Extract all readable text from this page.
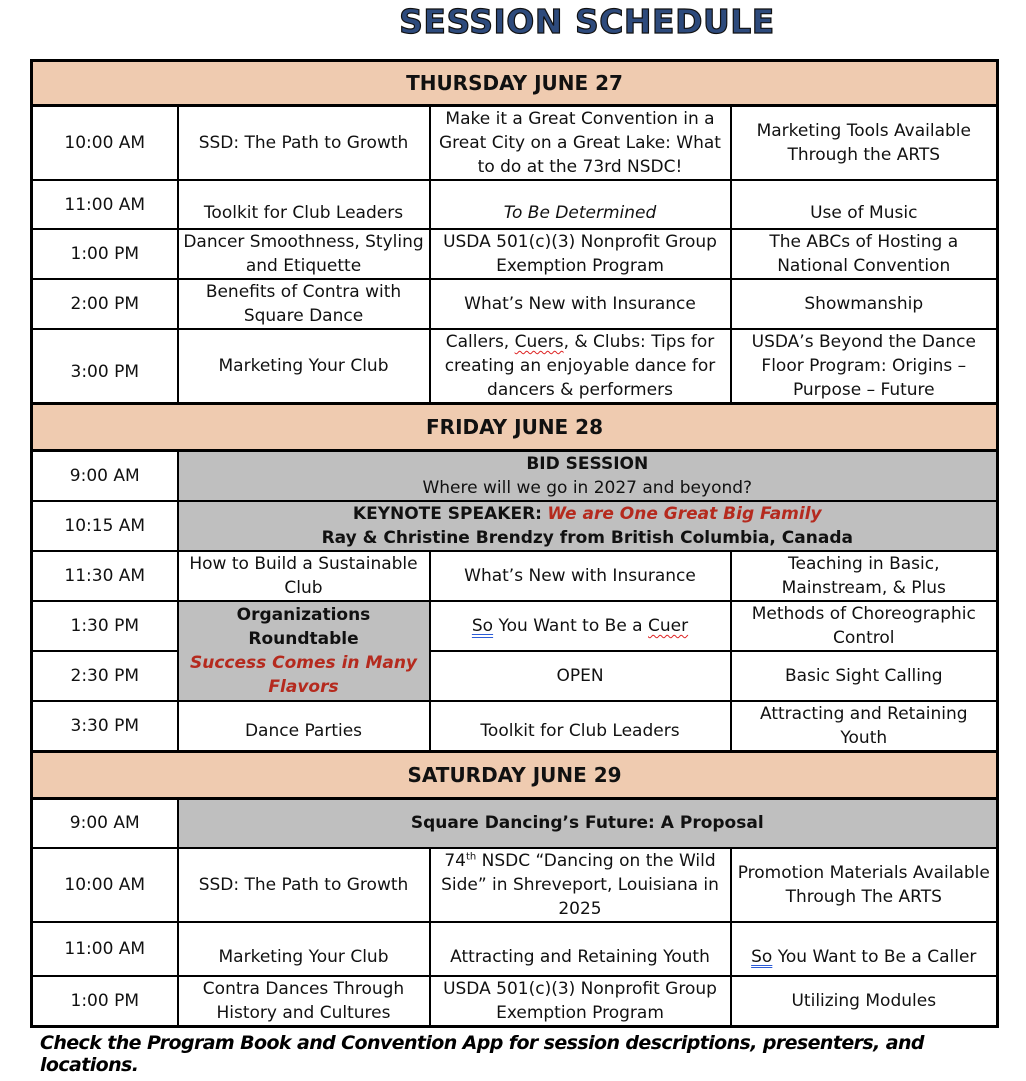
SESSION SCHEDULE
THURSDAY JUNE 27			
10:00 AM	SSD: The Path to Growth	Make it a Great Convention in a Great City on a Great Lake: What to do at the 73rd NSDC!	Marketing Tools Available Through the ARTS
11:00 AM	Toolkit for Club Leaders	To Be Determined	Use of Music
1:00 PM	Dancer Smoothness, Styling and Etiquette	USDA 501(c)(3) Nonprofit Group Exemption Program	The ABCs of Hosting a National Convention
2:00 PM	Benefits of Contra with Square Dance	What’s New with Insurance	Showmanship
3:00 PM	Marketing Your Club	Callers, Cuers, & Clubs: Tips for creating an enjoyable dance for dancers & performers	USDA’s Beyond the Dance Floor Program: Origins – Purpose – Future
FRIDAY JUNE 28			
9:00 AM	BID SESSION
Where will we go in 2027 and beyond?		

10:15 AM	KEYNOTE SPEAKER: We are One Great Big Family
Ray & Christine Brendzy from British Columbia, Canada		

11:30 AM	How to Build a Sustainable Club	What’s New with Insurance	Teaching in Basic, Mainstream, & Plus
1:30 PM	Organizations Roundtable
Success Comes in Many Flavors	So You Want to Be a Cuer	Methods of Choreographic Control
2:30 PM		OPEN	Basic Sight Calling
3:30 PM	Dance Parties	Toolkit for Club Leaders	Attracting and Retaining Youth
SATURDAY JUNE 29			
9:00 AM	Square Dancing’s Future: A Proposal		
10:00 AM	SSD: The Path to Growth	74th NSDC “Dancing on the Wild Side” in Shreveport, Louisiana in 2025	Promotion Materials Available Through The ARTS
11:00 AM	Marketing Your Club	Attracting and Retaining Youth	So You Want to Be a Caller
1:00 PM	Contra Dances Through History and Cultures	USDA 501(c)(3) Nonprofit Group Exemption Program	Utilizing Modules
Check the Program Book and Convention App for session descriptions, presenters, and locations.
